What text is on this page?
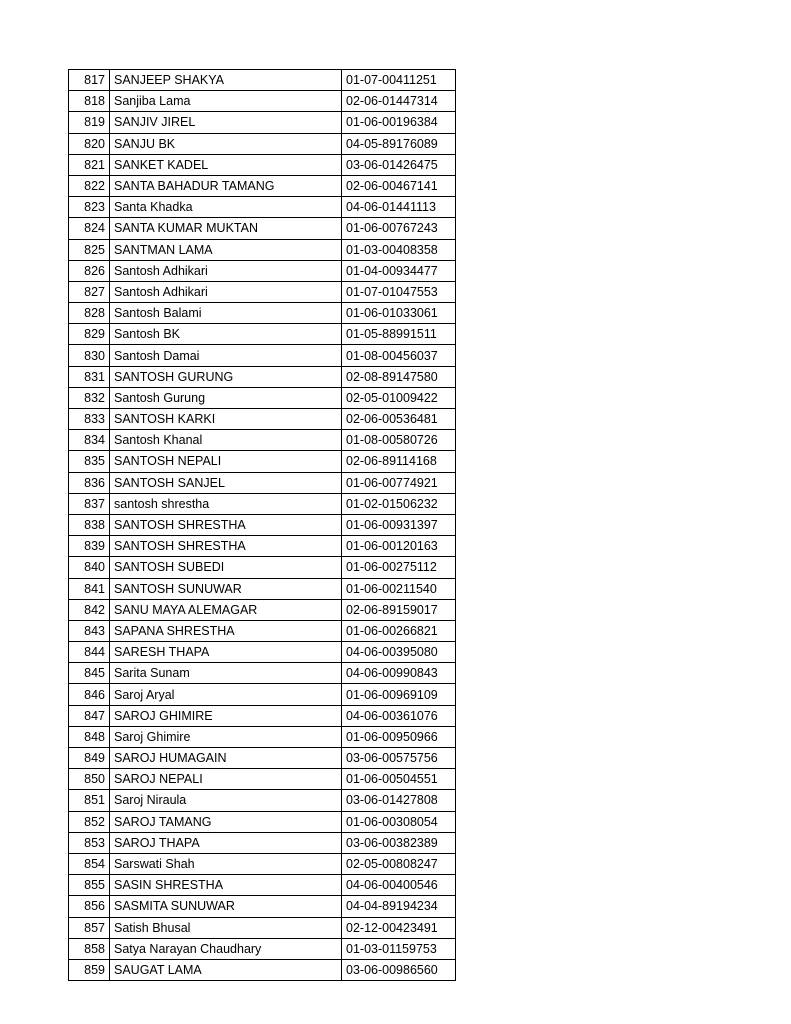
817	SANJEEP SHAKYA	01-07-00411251
818	Sanjiba Lama	02-06-01447314
819	SANJIV JIREL	01-06-00196384
820	SANJU BK	04-05-89176089
821	SANKET KADEL	03-06-01426475
822	SANTA BAHADUR TAMANG	02-06-00467141
823	Santa Khadka	04-06-01441113
824	SANTA KUMAR MUKTAN	01-06-00767243
825	SANTMAN LAMA	01-03-00408358
826	Santosh Adhikari	01-04-00934477
827	Santosh Adhikari	01-07-01047553
828	Santosh Balami	01-06-01033061
829	Santosh BK	01-05-88991511
830	Santosh Damai	01-08-00456037
831	SANTOSH GURUNG	02-08-89147580
832	Santosh Gurung	02-05-01009422
833	SANTOSH KARKI	02-06-00536481
834	Santosh Khanal	01-08-00580726
835	SANTOSH NEPALI	02-06-89114168
836	SANTOSH SANJEL	01-06-00774921
837	santosh shrestha	01-02-01506232
838	SANTOSH SHRESTHA	01-06-00931397
839	SANTOSH SHRESTHA	01-06-00120163
840	SANTOSH SUBEDI	01-06-00275112
841	SANTOSH SUNUWAR	01-06-00211540
842	SANU MAYA ALEMAGAR	02-06-89159017
843	SAPANA SHRESTHA	01-06-00266821
844	SARESH THAPA	04-06-00395080
845	Sarita Sunam	04-06-00990843
846	Saroj Aryal	01-06-00969109
847	SAROJ GHIMIRE	04-06-00361076
848	Saroj Ghimire	01-06-00950966
849	SAROJ HUMAGAIN	03-06-00575756
850	SAROJ NEPALI	01-06-00504551
851	Saroj Niraula	03-06-01427808
852	SAROJ TAMANG	01-06-00308054
853	SAROJ THAPA	03-06-00382389
854	Sarswati Shah	02-05-00808247
855	SASIN SHRESTHA	04-06-00400546
856	SASMITA SUNUWAR	04-04-89194234
857	Satish Bhusal	02-12-00423491
858	Satya Narayan Chaudhary	01-03-01159753
859	SAUGAT LAMA	03-06-00986560
